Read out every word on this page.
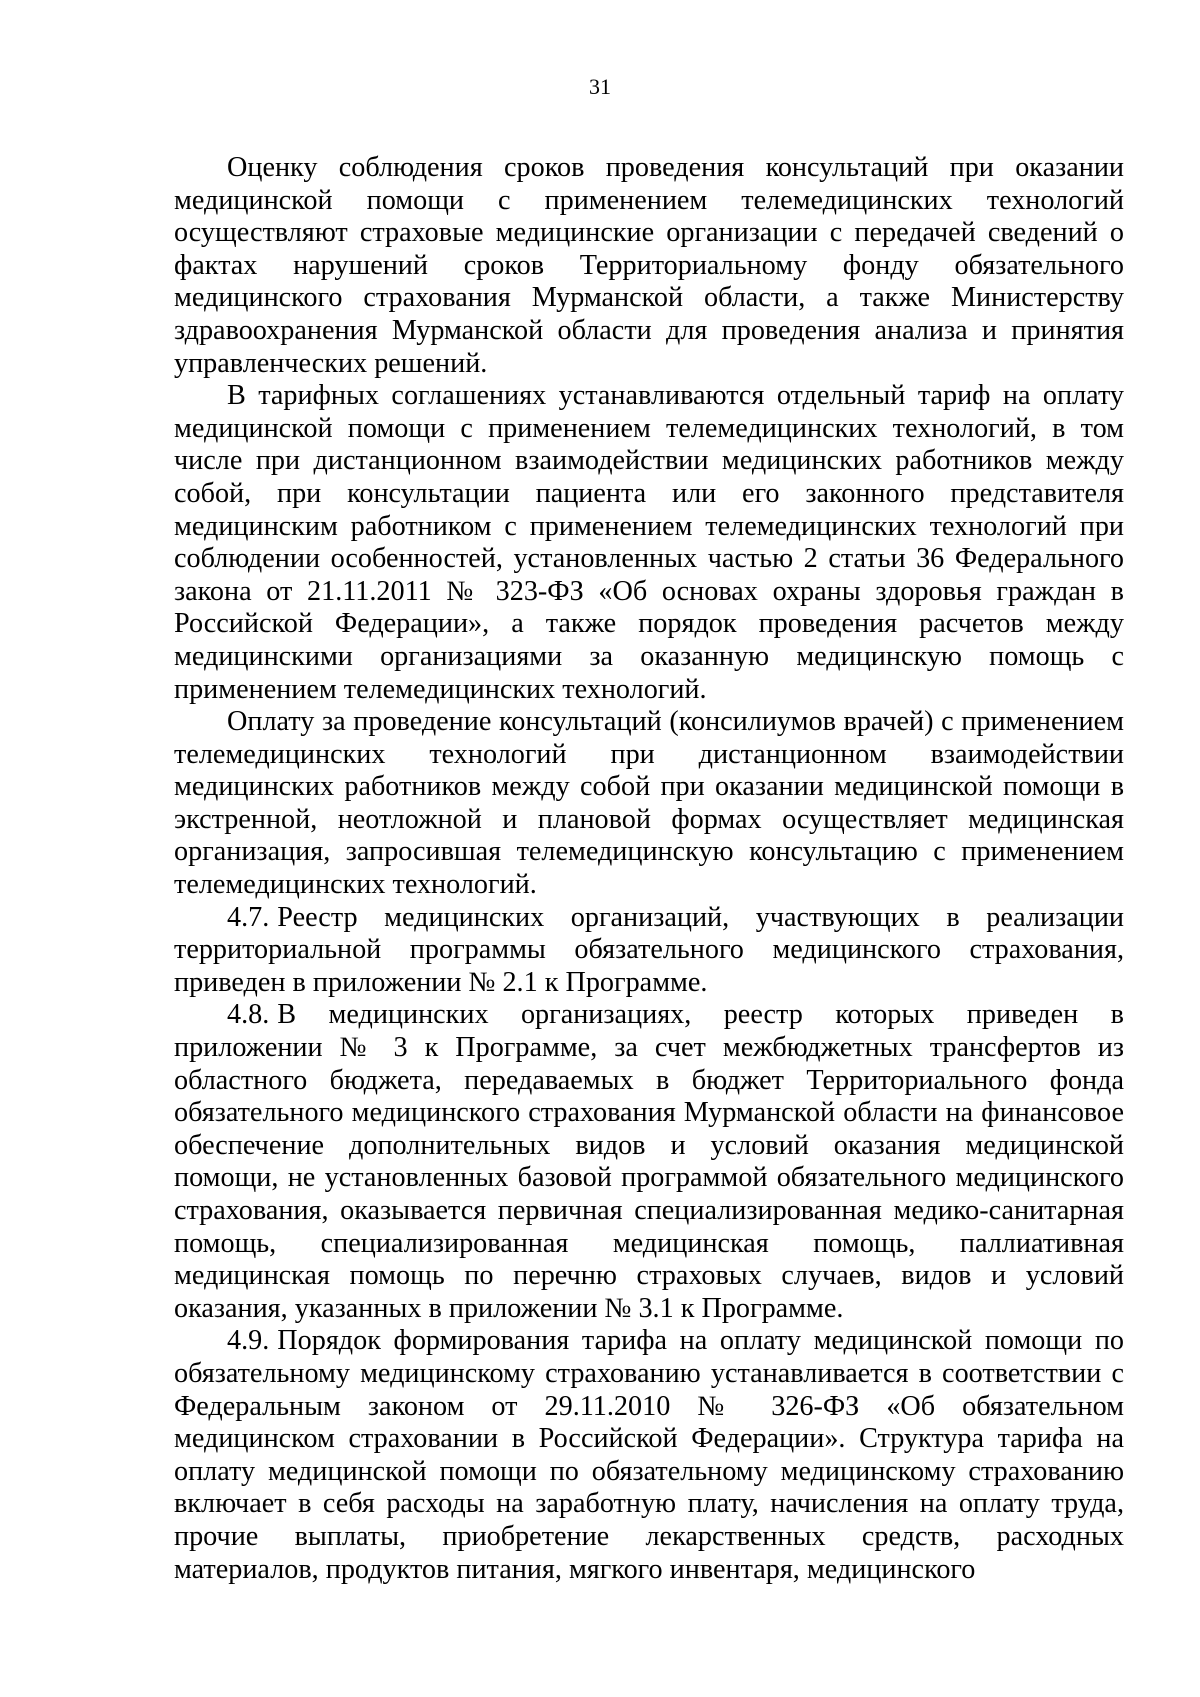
31

Оценку соблюдения сроков проведения консультаций при оказании медицинской помощи с применением телемедицинских технологий осуществляют страховые медицинские организации с передачей сведений о фактах нарушений сроков Территориальному фонду обязательного медицинского страхования Мурманской области, а также Министерству здравоохранения Мурманской области для проведения анализа и принятия управленческих решений.

В тарифных соглашениях устанавливаются отдельный тариф на оплату медицинской помощи с применением телемедицинских технологий, в том числе при дистанционном взаимодействии медицинских работников между собой, при консультации пациента или его законного представителя медицинским работником с применением телемедицинских технологий при соблюдении особенностей, установленных частью 2 статьи 36 Федерального закона от 21.11.2011 № 323-ФЗ «Об основах охраны здоровья граждан в Российской Федерации», а также порядок проведения расчетов между медицинскими организациями за оказанную медицинскую помощь с применением телемедицинских технологий.

Оплату за проведение консультаций (консилиумов врачей) с применением телемедицинских технологий при дистанционном взаимодействии медицинских работников между собой при оказании медицинской помощи в экстренной, неотложной и плановой формах осуществляет медицинская организация, запросившая телемедицинскую консультацию с применением телемедицинских технологий.

4.7. Реестр медицинских организаций, участвующих в реализации территориальной программы обязательного медицинского страхования, приведен в приложении № 2.1 к Программе.

4.8. В медицинских организациях, реестр которых приведен в приложении № 3 к Программе, за счет межбюджетных трансфертов из областного бюджета, передаваемых в бюджет Территориального фонда обязательного медицинского страхования Мурманской области на финансовое обеспечение дополнительных видов и условий оказания медицинской помощи, не установленных базовой программой обязательного медицинского страхования, оказывается первичная специализированная медико-санитарная помощь, специализированная медицинская помощь, паллиативная медицинская помощь по перечню страховых случаев, видов и условий оказания, указанных в приложении № 3.1 к Программе.

4.9. Порядок формирования тарифа на оплату медицинской помощи по обязательному медицинскому страхованию устанавливается в соответствии с Федеральным законом от 29.11.2010 № 326-ФЗ «Об обязательном медицинском страховании в Российской Федерации». Структура тарифа на оплату медицинской помощи по обязательному медицинскому страхованию включает в себя расходы на заработную плату, начисления на оплату труда, прочие выплаты, приобретение лекарственных средств, расходных материалов, продуктов питания, мягкого инвентаря, медицинского
